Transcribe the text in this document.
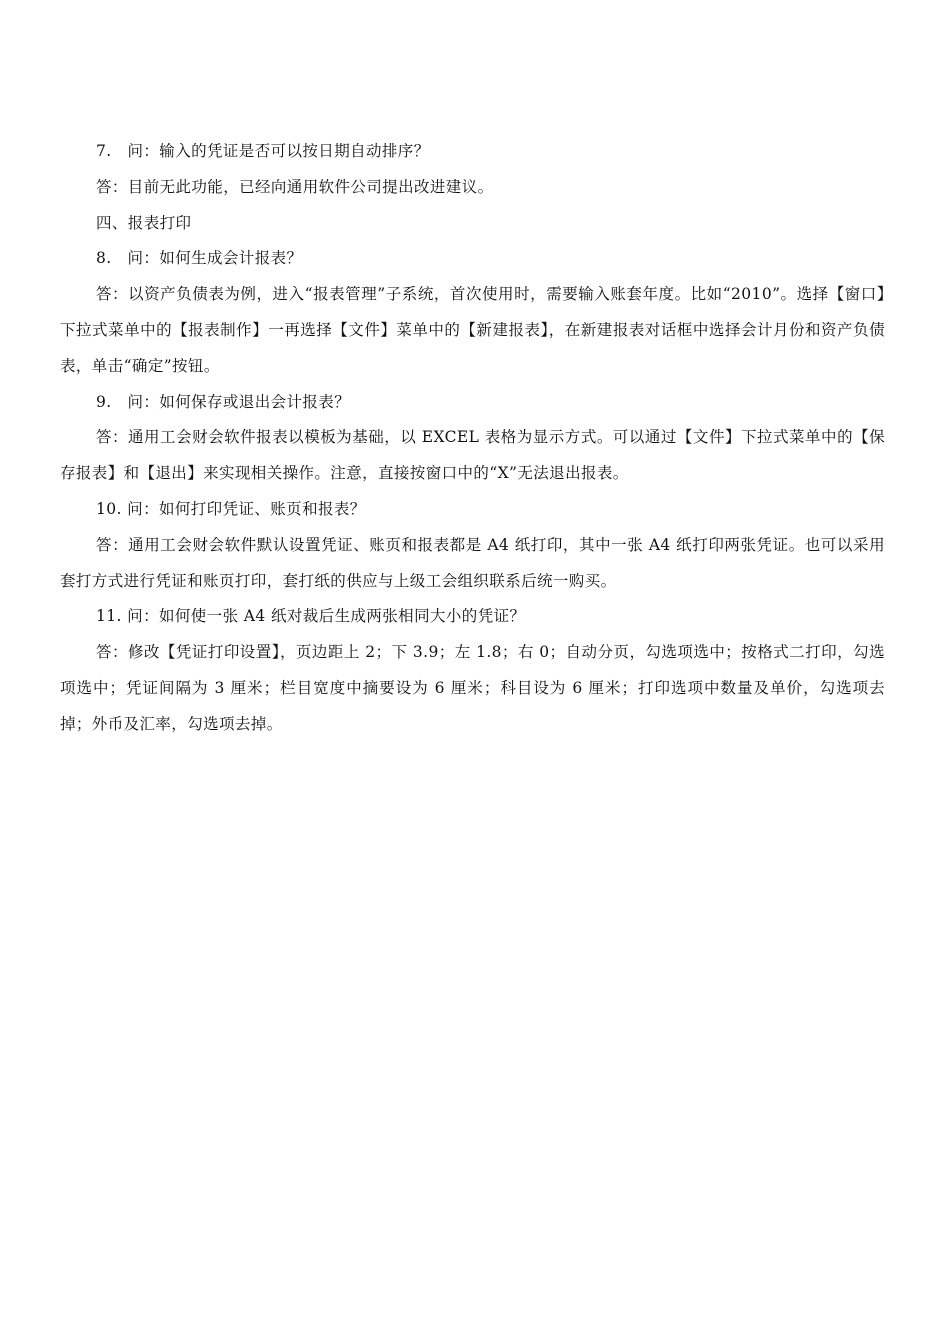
7.　问：输入的凭证是否可以按日期自动排序？

答：目前无此功能，已经向通用软件公司提出改进建议。

四、报表打印

8.　问：如何生成会计报表？

答：以资产负债表为例，进入“报表管理”子系统，首次使用时，需要输入账套年度。比如“2010”。选择【窗口】下拉式菜单中的【报表制作】一再选择【文件】菜单中的【新建报表】，在新建报表对话框中选择会计月份和资产负债表，单击“确定”按钮。

9.　问：如何保存或退出会计报表？

答：通用工会财会软件报表以模板为基础，以 EXCEL 表格为显示方式。可以通过【文件】下拉式菜单中的【保存报表】和【退出】来实现相关操作。注意，直接按窗口中的“X”无法退出报表。

10. 问：如何打印凭证、账页和报表？

答：通用工会财会软件默认设置凭证、账页和报表都是 A4 纸打印，其中一张 A4 纸打印两张凭证。也可以采用套打方式进行凭证和账页打印，套打纸的供应与上级工会组织联系后统一购买。

11. 问：如何使一张 A4 纸对裁后生成两张相同大小的凭证？

答：修改【凭证打印设置】，页边距上 2；下 3.9；左 1.8；右 0；自动分页，勾选项选中；按格式二打印，勾选项选中；凭证间隔为 3 厘米；栏目宽度中摘要设为 6 厘米；科目设为 6 厘米；打印选项中数量及单价，勾选项去掉；外币及汇率，勾选项去掉。
